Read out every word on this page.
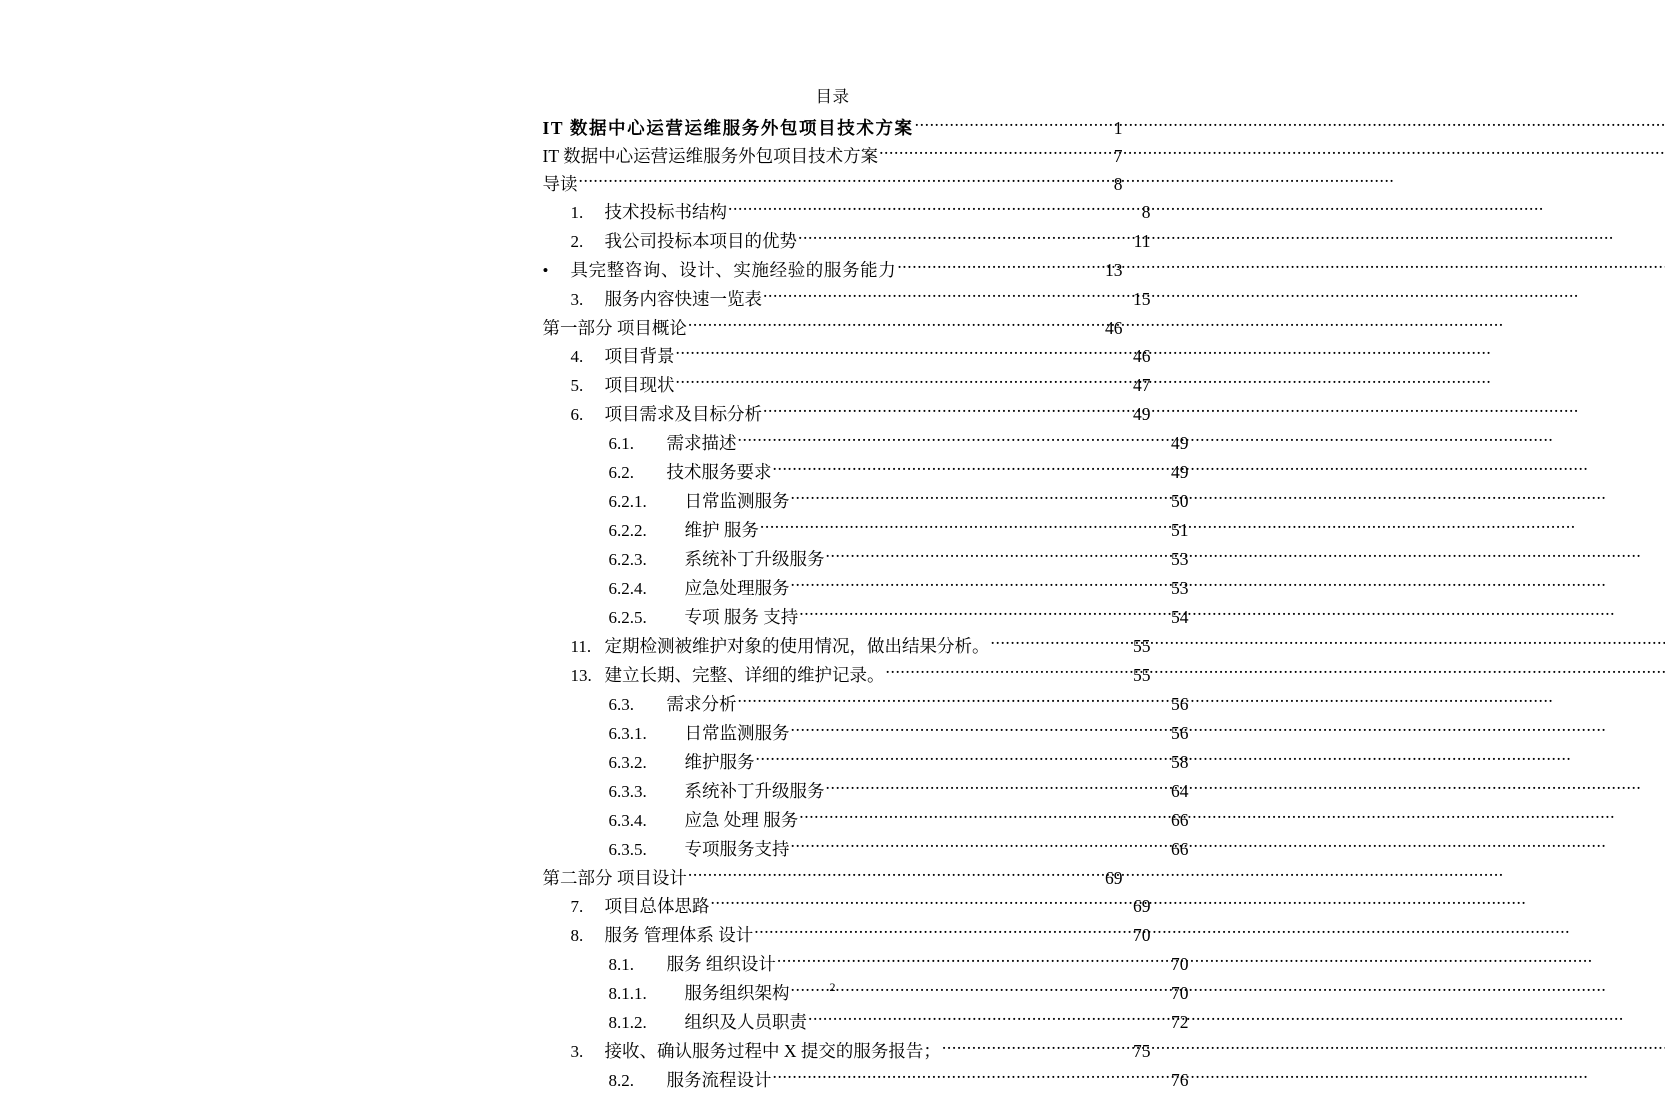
目录
IT 数据中心运营运维服务外包项目技术方案 .....	1
IT 数据中心运营运维服务外包项目技术方案 .....	7
导读 .....	8
1.	技术投标书结构 .....	8
2.	我公司投标本项目的优势 .....	11
•	具完整咨询、设计、实施经验的服务能力 .....	13
3.	服务内容快速一览表 .....	15
第一部分 项目概论 .....	46
4.	项目背景 .....	46
5.	项目现状 .....	47
6.	项目需求及目标分析 .....	49
6.1.	需求描述 .....	49
6.2.	技术服务要求 .....	49
6.2.1.	日常监测服务 .....	50
6.2.2.	维护 服务 .....	51
6.2.3.	系统补丁升级服务 .....	53
6.2.4.	应急处理服务 .....	53
6.2.5.	专项 服务 支持 .....	54
11. 定期检测被维护对象的使用情况，做出结果分析。 .....	55
13. 建立长期、完整、详细的维护记录。 .....	55
6.3.	需求分析 .....	56
6.3.1.	日常监测服务 .....	56
6.3.2.	维护服务 .....	58
6.3.3.	系统补丁升级服务 .....	64
6.3.4.	应急 处理 服务 .....	66
6.3.5.	专项服务支持 .....	66
第二部分 项目设计 .....	69
7.	项目总体思路 .....	69
8.	服务 管理体系 设计 .....	70
8.1.	服务 组织设计 .....	70
8.1.1.	服务组织架构 .....	70
8.1.2.	组织及人员职责 .....	72
3.	接收、确认服务过程中 X 提交的服务报告； .....	75
8.2.	服务流程设计 .....	76
2
